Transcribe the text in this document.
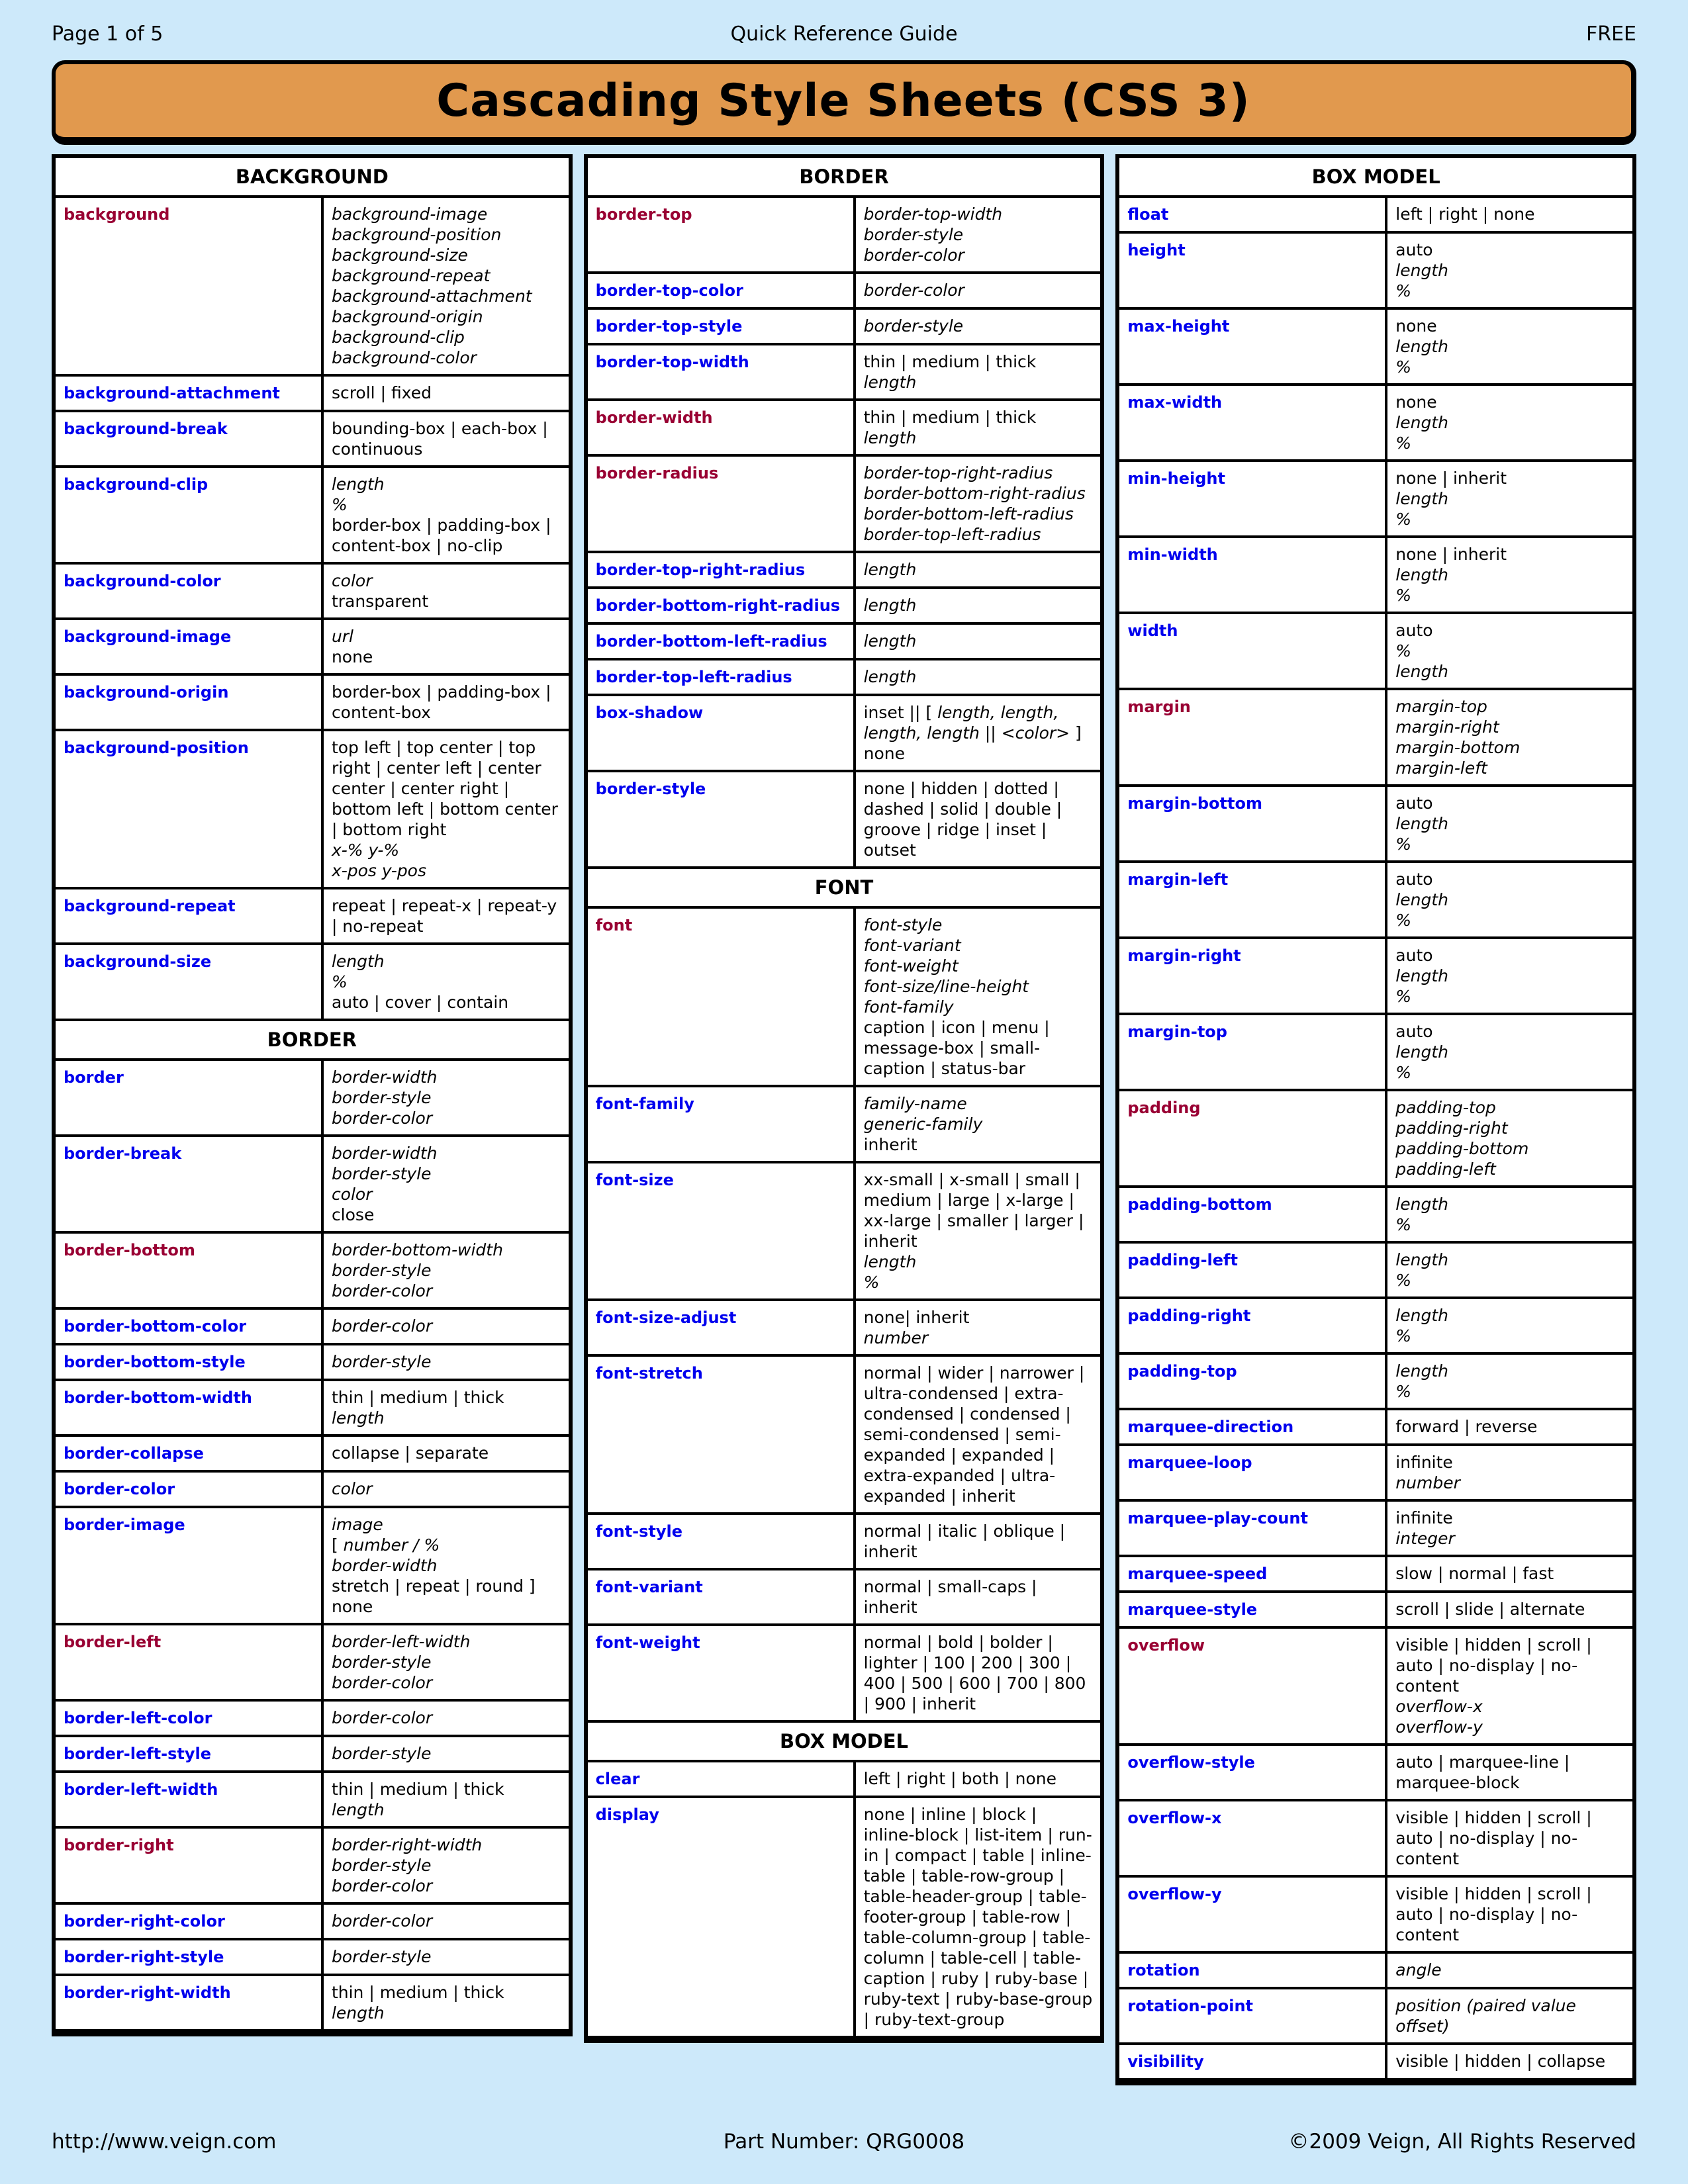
Page 1 of 5	Quick Reference Guide	FREE
Cascading Style Sheets (CSS 3)
BACKGROUND	
background	background-image
background-position
background-size
background-repeat
background-attachment
background-origin
background-clip
background-color

background-attachment	scroll | fixed

background-break	bounding-box | each-box | continuous

background-clip	length
%
border-box | padding-box | content-box | no-clip

background-color	color
transparent

background-image	url
none

background-origin	border-box | padding-box | content-box

background-position	top left | top center | top right | center left | center center | center right | bottom left | bottom center | bottom right
x-% y-%
x-pos y-pos

background-repeat	repeat | repeat-x | repeat-y | no-repeat

background-size	length
%
auto | cover | contain

BORDER	
border	border-width
border-style
border-color

border-break	border-width
border-style
color
close

border-bottom	border-bottom-width
border-style
border-color

border-bottom-color	border-color

border-bottom-style	border-style

border-bottom-width	thin | medium | thick
length

border-collapse	collapse | separate

border-color	color

border-image	image
[ number / %
border-width
stretch | repeat | round ]
none

border-left	border-left-width
border-style
border-color

border-left-color	border-color

border-left-style	border-style

border-left-width	thin | medium | thick
length

border-right	border-right-width
border-style
border-color

border-right-color	border-color

border-right-style	border-style

border-right-width	thin | medium | thick
length
BORDER	
border-top	border-top-width
border-style
border-color

border-top-color	border-color

border-top-style	border-style

border-top-width	thin | medium | thick
length

border-width	thin | medium | thick
length

border-radius	border-top-right-radius
border-bottom-right-radius
border-bottom-left-radius
border-top-left-radius

border-top-right-radius	length

border-bottom-right-radius	length

border-bottom-left-radius	length

border-top-left-radius	length

box-shadow	inset || [ length, length, length, length || <color> ]
none

border-style	none | hidden | dotted | dashed | solid | double | groove | ridge | inset | outset

FONT	
font	font-style
font-variant
font-weight
font-size/line-height
font-family
caption | icon | menu | message-box | small-caption | status-bar

font-family	family-name
generic-family
inherit

font-size	xx-small | x-small | small | medium | large | x-large | xx-large | smaller | larger | inherit
length
%

font-size-adjust	none| inherit
number

font-stretch	normal | wider | narrower | ultra-condensed | extra-condensed | condensed | semi-condensed | semi-expanded | expanded | extra-expanded | ultra-expanded | inherit

font-style	normal | italic | oblique | inherit

font-variant	normal | small-caps | inherit

font-weight	normal | bold | bolder | lighter | 100 | 200 | 300 | 400 | 500 | 600 | 700 | 800 | 900 | inherit

BOX MODEL	
clear	left | right | both | none

display	none | inline | block | inline-block | list-item | run-in | compact | table | inline-table | table-row-group | table-header-group | table-footer-group | table-row | table-column-group | table-column | table-cell | table-caption | ruby | ruby-base | ruby-text | ruby-base-group | ruby-text-group
BOX MODEL	
float	left | right | none

height	auto
length
%

max-height	none
length
%

max-width	none
length
%

min-height	none | inherit
length
%

min-width	none | inherit
length
%

width	auto
%
length

margin	margin-top
margin-right
margin-bottom
margin-left

margin-bottom	auto
length
%

margin-left	auto
length
%

margin-right	auto
length
%

margin-top	auto
length
%

padding	padding-top
padding-right
padding-bottom
padding-left

padding-bottom	length
%

padding-left	length
%

padding-right	length
%

padding-top	length
%

marquee-direction	forward | reverse

marquee-loop	infinite
number

marquee-play-count	infinite
integer

marquee-speed	slow | normal | fast

marquee-style	scroll | slide | alternate

overflow	visible | hidden | scroll | auto | no-display | no-content
overflow-x
overflow-y

overflow-style	auto | marquee-line | marquee-block

overflow-x	visible | hidden | scroll | auto | no-display | no-content

overflow-y	visible | hidden | scroll | auto | no-display | no-content

rotation	angle

rotation-point	position (paired value offset)

visibility	visible | hidden | collapse
http://www.veign.com	Part Number: QRG0008	©2009 Veign, All Rights Reserved
